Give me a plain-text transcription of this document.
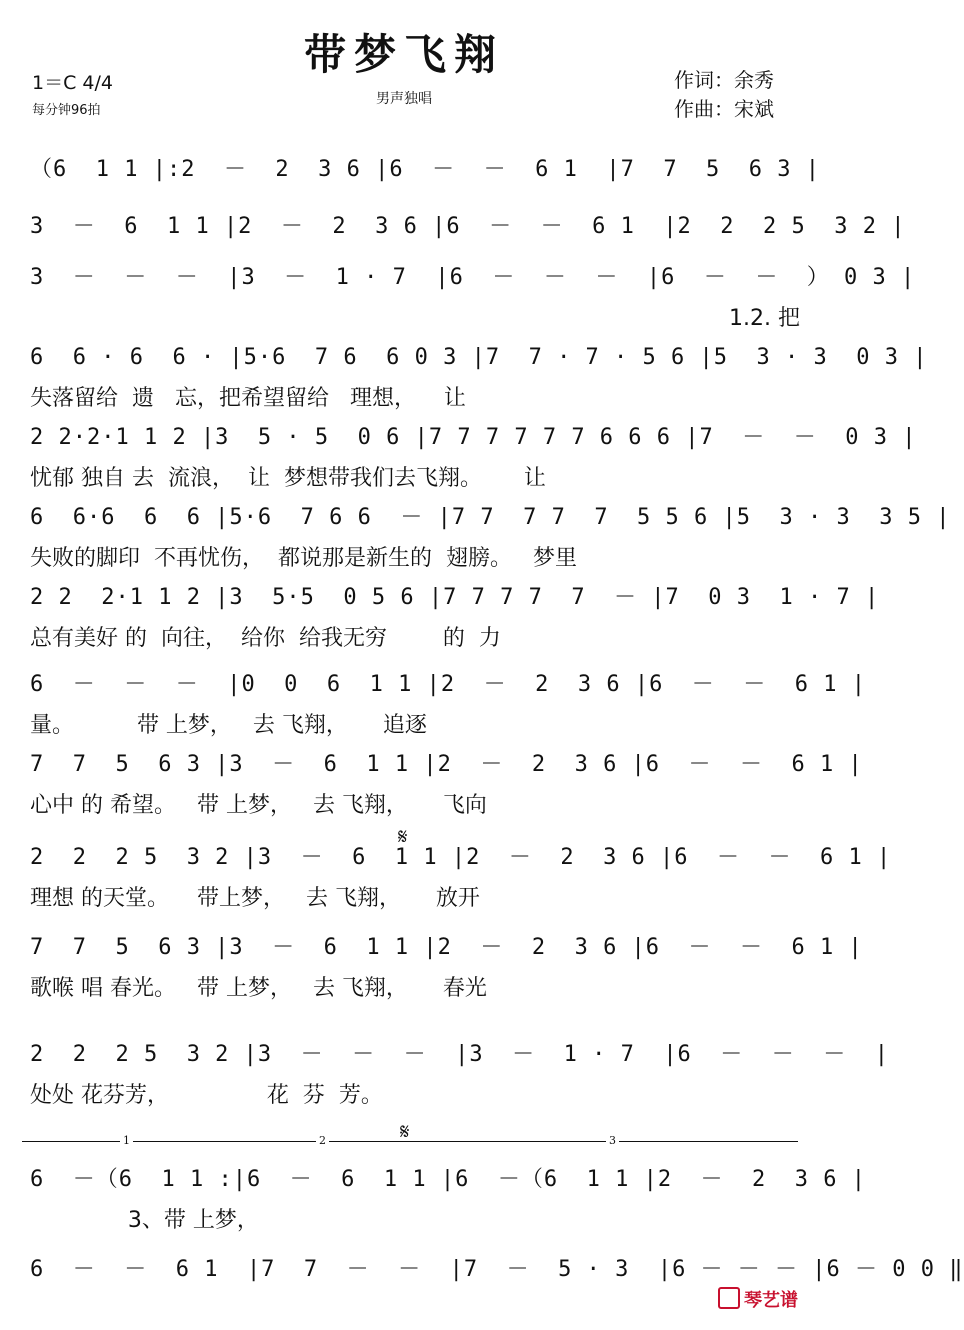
带梦飞翔
1＝C 4/4
每分钟96拍
男声独唱
作词：余秀
作曲：宋斌
（6  1 1 |:2  －  2  3 6 |6  －  －  6 1  |7  7  5  6 3 |
3  －  6  1 1 |2  －  2  3 6 |6  －  －  6 1  |2  2  2 5  3 2 |
3  －  －  －  |3  －  1 · 7  |6  －  －  －  |6  －  －  ） 0 3 |
1.2. 把
6  6 · 6  6 · |5·6  7 6  6 0 3 |7  7 · 7 · 5 6 |5  3 · 3  0 3 |
失落留给  遗   忘，把希望留给   理想，    让
2 2·2·1 1 2 |3  5 · 5  0 6 |7 7 7 7 7 7 6 6 6 |7  －  －  0 3 |
忧郁 独自 去  流浪，  让  梦想带我们去飞翔。      让
6  6·6  6  6 |5·6  7 6 6  － |7 7  7 7  7  5 5 6 |5  3 · 3  3 5 |
失败的脚印  不再忧伤，  都说那是新生的  翅膀。   梦里
2 2  2·1 1 2 |3  5·5  0 5 6 |7 7 7 7  7  － |7  0 3  1 · 7 |
总有美好 的  向往，  给你  给我无穷        的  力
6  －  －  －  |0  0  6  1 1 |2  －  2  3 6 |6  －  －  6 1 |
量。         带 上梦，   去 飞翔，     追逐
7  7  5  6 3 |3  －  6  1 1 |2  －  2  3 6 |6  －  －  6 1 |
心中 的 希望。   带 上梦，   去 飞翔，     飞向
2  2  2 5  3 2 |3  －  6  1 1 |2  －  2  3 6 |6  －  －  6 1 |
理想 的天堂。    带上梦，   去 飞翔，     放开
7  7  5  6 3 |3  －  6  1 1 |2  －  2  3 6 |6  －  －  6 1 |
歌喉 唱 春光。   带 上梦，   去 飞翔，     春光
2  2  2 5  3 2 |3  －  －  －  |3  －  1 · 7  |6  －  －  －  |
处处 花芬芳，              花  芬  芳。
6  －（6  1 1 :|6  －  6  1 1 |6  －（6  1 1 |2  －  2  3 6 |
3、带 上梦，
6  －  －  6 1  |7  7  －  －  |7  －  5 · 3  |6 － － － |6 － 0 0 ‖
1	2	3
𝄋
𝄋
琴艺谱
